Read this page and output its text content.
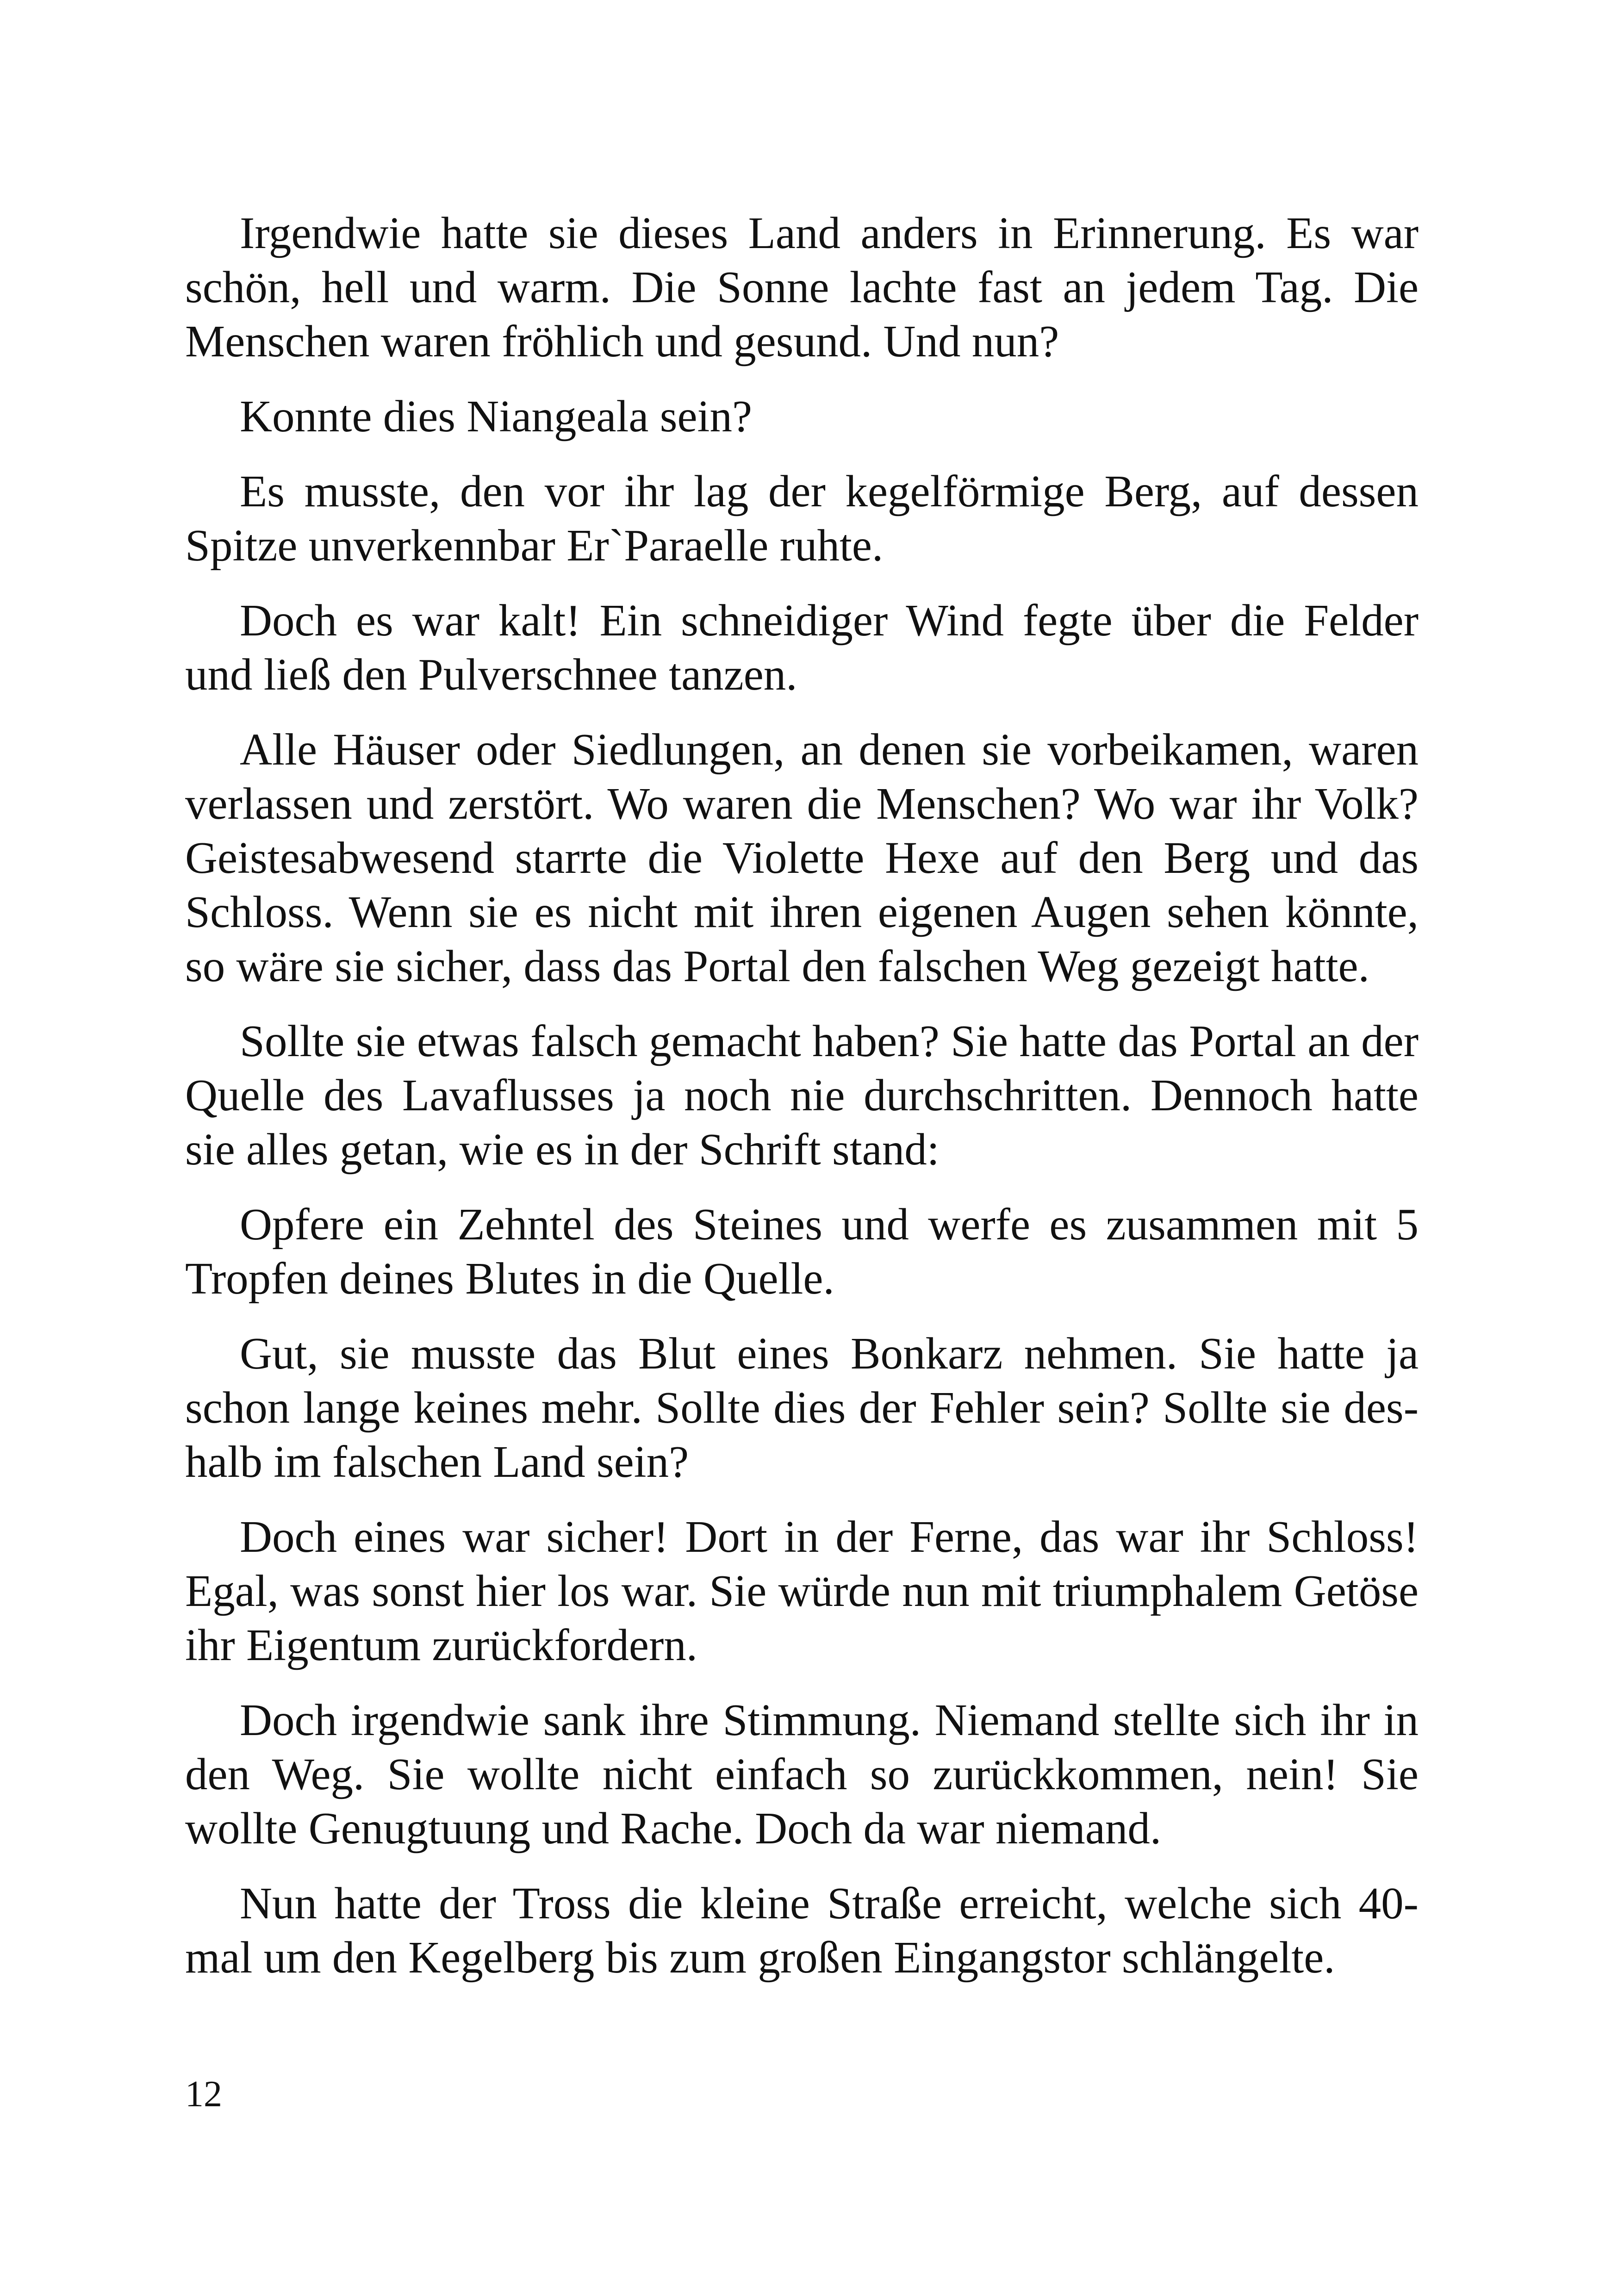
Irgendwie hatte sie dieses Land anders in Erinnerung. Es war schön, hell und warm. Die Sonne lachte fast an jedem Tag. Die Menschen waren fröhlich und gesund. Und nun?

Konnte dies Niangeala sein?

Es musste, den vor ihr lag der kegelförmige Berg, auf dessen Spitze unverkennbar Er`Paraelle ruhte.

Doch es war kalt! Ein schneidiger Wind fegte über die Felder und ließ den Pulverschnee tanzen.

Alle Häuser oder Siedlungen, an denen sie vorbeikamen, waren verlassen und zerstört. Wo waren die Menschen? Wo war ihr Volk? Geistesabwesend starrte die Violette Hexe auf den Berg und das Schloss. Wenn sie es nicht mit ihren eigenen Augen sehen könnte, so wäre sie sicher, dass das Portal den falschen Weg gezeigt hatte.

Sollte sie etwas falsch gemacht haben? Sie hatte das Portal an der Quelle des Lavaflusses ja noch nie durchschritten. Dennoch hatte sie alles getan, wie es in der Schrift stand:

Opfere ein Zehntel des Steines und werfe es zusammen mit 5 Tropfen deines Blutes in die Quelle.

Gut, sie musste das Blut eines Bonkarz nehmen. Sie hatte ja schon lange keines mehr. Sollte dies der Fehler sein? Sollte sie deshalb im falschen Land sein?

Doch eines war sicher! Dort in der Ferne, das war ihr Schloss! Egal, was sonst hier los war. Sie würde nun mit triumphalem Getöse ihr Eigentum zurückfordern.

Doch irgendwie sank ihre Stimmung. Niemand stellte sich ihr in den Weg. Sie wollte nicht einfach so zurückkommen, nein! Sie wollte Genugtuung und Rache. Doch da war niemand.

Nun hatte der Tross die kleine Straße erreicht, welche sich 40-mal um den Kegelberg bis zum großen Eingangstor schlängelte.

12
